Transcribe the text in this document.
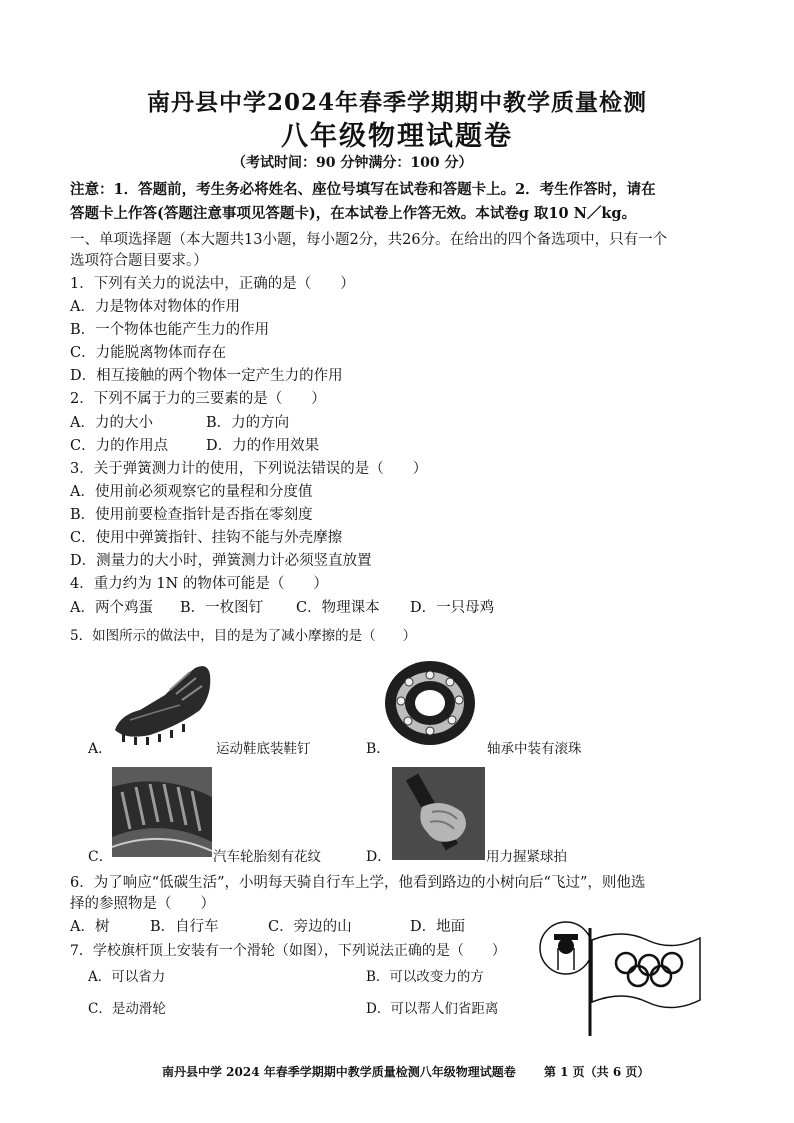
南丹县中学2024年春季学期期中教学质量检测
八年级物理试题卷
（考试时间：90 分钟满分：100 分）
注意：1．答题前，考生务必将姓名、座位号填写在试卷和答题卡上。2．考生作答时，请在
答题卡上作答(答题注意事项见答题卡)，在本试卷上作答无效。本试卷g 取10 N／kg。
一、单项选择题（本大题共13小题，每小题2分，共26分。在给出的四个备选项中，只有一个
选项符合题目要求。）
1．下列有关力的说法中，正确的是（　　）
A．力是物体对物体的作用
B．一个物体也能产生力的作用
C．力能脱离物体而存在
D．相互接触的两个物体一定产生力的作用
2．下列不属于力的三要素的是（　　）
A．力的大小	B．力的方向
C．力的作用点	D．力的作用效果
3．关于弹簧测力计的使用，下列说法错误的是（　　）
A．使用前必须观察它的量程和分度值
B．使用前要检查指针是否指在零刻度
C．使用中弹簧指针、挂钩不能与外壳摩擦
D．测量力的大小时，弹簧测力计必须竖直放置
4．重力约为 1N 的物体可能是（　　）
A．两个鸡蛋 B．一枚图钉 C．物理课本 D．一只母鸡
5．如图所示的做法中，目的是为了减小摩擦的是（　　）
A．	运动鞋底装鞋钉	B．	轴承中装有滚珠
C．	汽车轮胎刻有花纹	D．	用力握紧球拍
6．为了响应“低碳生活”，小明每天骑自行车上学，他看到路边的小树向后“飞过”，则他选
择的参照物是（　　）
A．树	B．自行车	C．旁边的山	D．地面
7．学校旗杆顶上安装有一个滑轮（如图），下列说法正确的是（　　）
A．可以省力	B．可以改变力的方
C．是动滑轮	D．可以帮人们省距离
南丹县中学 2024 年春季学期期中教学质量检测八年级物理试题卷 第 1 页（共 6 页）
